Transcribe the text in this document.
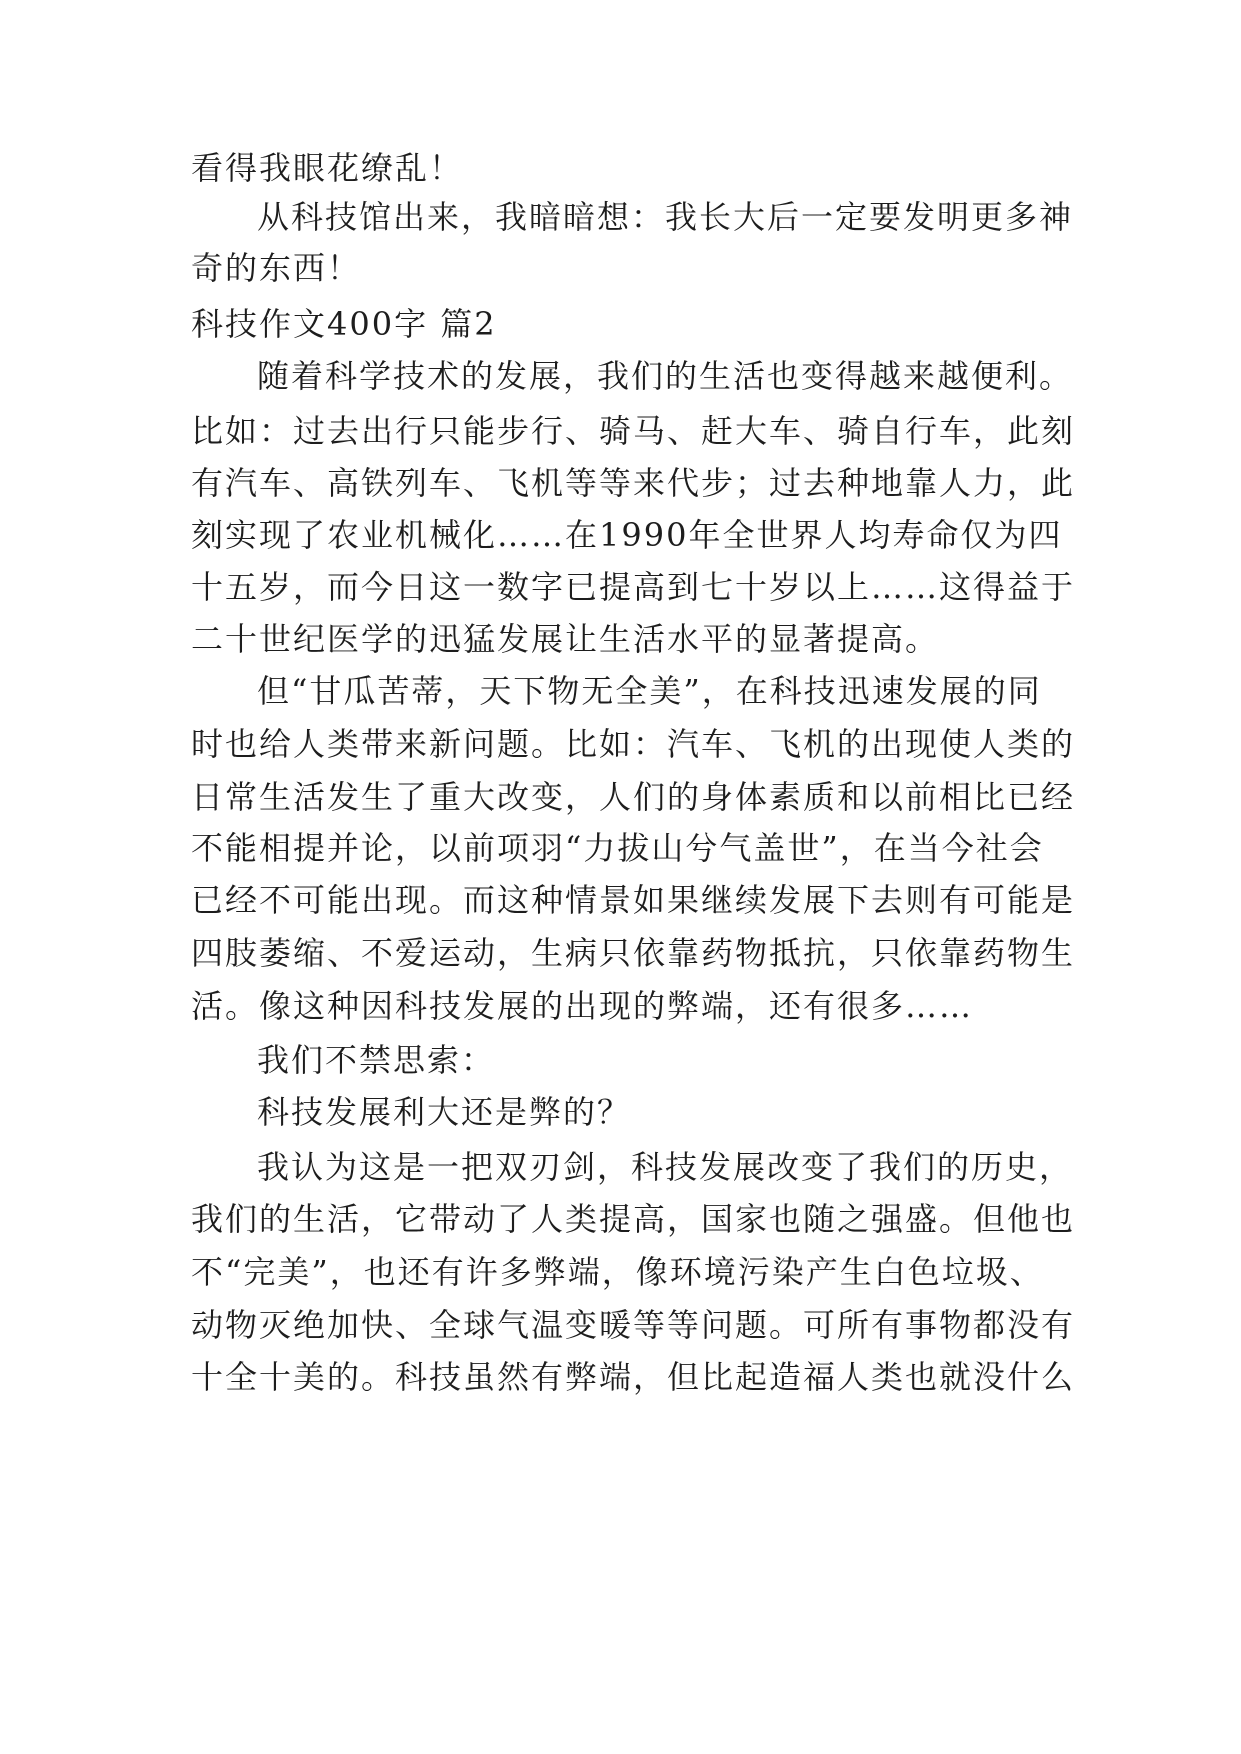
看得我眼花缭乱！
从科技馆出来，我暗暗想：我长大后一定要发明更多神
奇的东西！
科技作文400字 篇2
随着科学技术的发展，我们的生活也变得越来越便利。
比如：过去出行只能步行、骑马、赶大车、骑自行车，此刻
有汽车、高铁列车、飞机等等来代步；过去种地靠人力，此
刻实现了农业机械化……在1990年全世界人均寿命仅为四
十五岁，而今日这一数字已提高到七十岁以上……这得益于
二十世纪医学的迅猛发展让生活水平的显著提高。
但“甘瓜苦蒂，天下物无全美”，在科技迅速发展的同
时也给人类带来新问题。比如：汽车、飞机的出现使人类的
日常生活发生了重大改变，人们的身体素质和以前相比已经
不能相提并论，以前项羽“力拔山兮气盖世”，在当今社会
已经不可能出现。而这种情景如果继续发展下去则有可能是
四肢萎缩、不爱运动，生病只依靠药物抵抗，只依靠药物生
活。像这种因科技发展的出现的弊端，还有很多……
我们不禁思索：
科技发展利大还是弊的？
我认为这是一把双刃剑，科技发展改变了我们的历史，
我们的生活，它带动了人类提高，国家也随之强盛。但他也
不“完美”，也还有许多弊端，像环境污染产生白色垃圾、
动物灭绝加快、全球气温变暖等等问题。可所有事物都没有
十全十美的。科技虽然有弊端，但比起造福人类也就没什么
